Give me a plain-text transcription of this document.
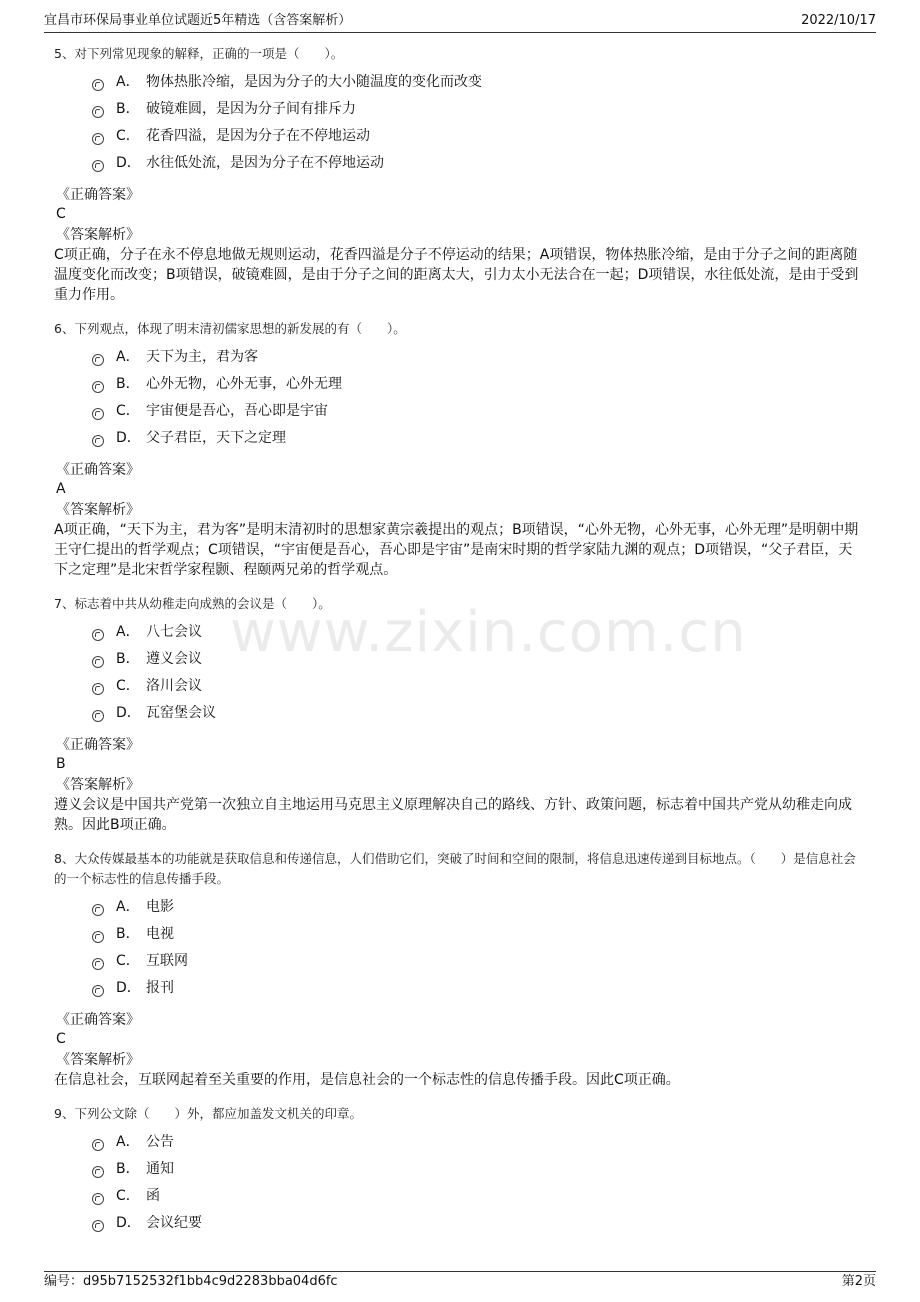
宜昌市环保局事业单位试题近5年精选（含答案解析）	2022/10/17
www.zixin.com.cn
5、对下列常见现象的解释，正确的一项是（　　）。
A． 物体热胀冷缩，是因为分子的大小随温度的变化而改变
B． 破镜难圆，是因为分子间有排斥力
C． 花香四溢，是因为分子在不停地运动
D． 水往低处流，是因为分子在不停地运动
《正确答案》
C
《答案解析》
C项正确，分子在永不停息地做无规则运动，花香四溢是分子不停运动的结果；A项错误，物体热胀冷缩，是由于分子之间的距离随温度变化而改变；B项错误，破镜难圆，是由于分子之间的距离太大，引力太小无法合在一起；D项错误，水往低处流，是由于受到重力作用。
6、下列观点，体现了明末清初儒家思想的新发展的有（　　）。
A． 天下为主，君为客
B． 心外无物，心外无事，心外无理
C． 宇宙便是吾心，吾心即是宇宙
D． 父子君臣，天下之定理
《正确答案》
A
《答案解析》
A项正确，“天下为主，君为客”是明末清初时的思想家黄宗羲提出的观点；B项错误，“心外无物，心外无事，心外无理”是明朝中期王守仁提出的哲学观点；C项错误，“宇宙便是吾心，吾心即是宇宙”是南宋时期的哲学家陆九渊的观点；D项错误，“父子君臣，天下之定理”是北宋哲学家程颢、程颐两兄弟的哲学观点。
7、标志着中共从幼稚走向成熟的会议是（　　）。
A． 八七会议
B． 遵义会议
C． 洛川会议
D． 瓦窑堡会议
《正确答案》
B
《答案解析》
遵义会议是中国共产党第一次独立自主地运用马克思主义原理解决自己的路线、方针、政策问题，标志着中国共产党从幼稚走向成熟。因此B项正确。
8、大众传媒最基本的功能就是获取信息和传递信息，人们借助它们，突破了时间和空间的限制，将信息迅速传递到目标地点。（　　）是信息社会的一个标志性的信息传播手段。
A． 电影
B． 电视
C． 互联网
D． 报刊
《正确答案》
C
《答案解析》
在信息社会，互联网起着至关重要的作用，是信息社会的一个标志性的信息传播手段。因此C项正确。
9、下列公文除（　　）外，都应加盖发文机关的印章。
A． 公告
B． 通知
C． 函
D． 会议纪要
编号：d95b7152532f1bb4c9d2283bba04d6fc	第2页
